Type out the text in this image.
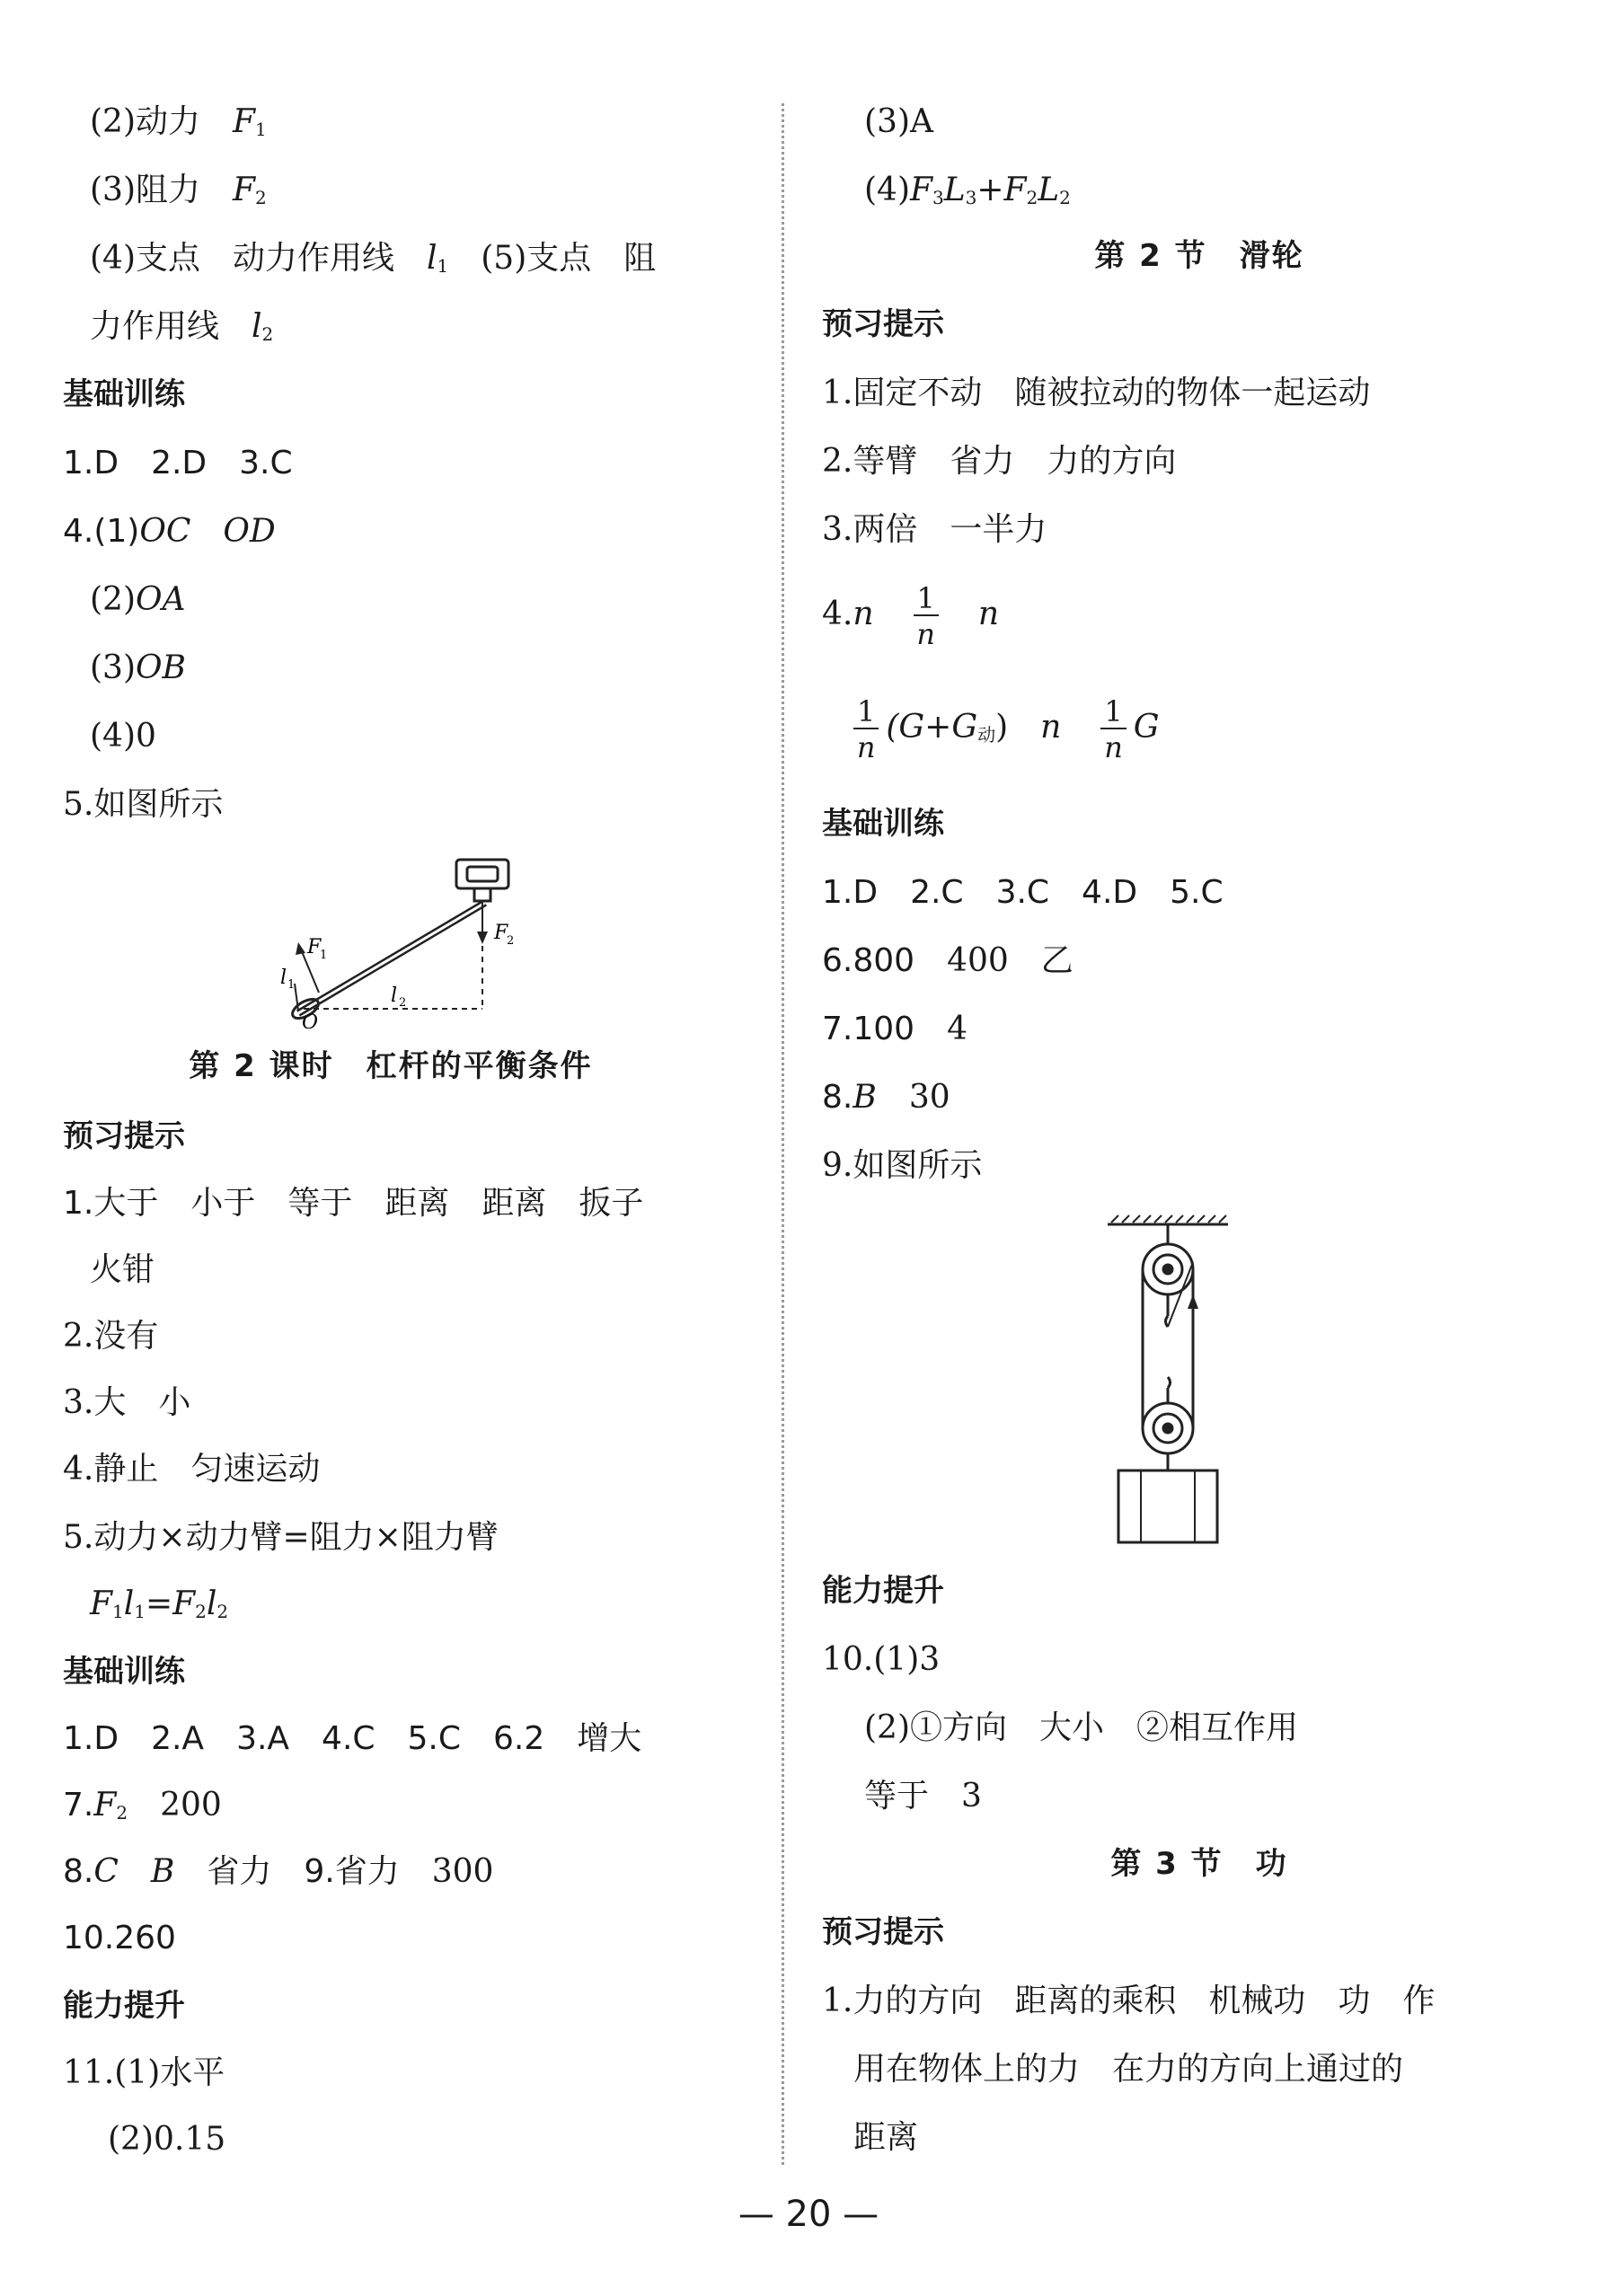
(2)动力 $F_1$
(3)阻力 $F_2$
(4)支点 动力作用线 $l_1$ (5)支点 阻
力作用线 $l_2$
基础训练
1.D 2.D 3.C
4.(1)OC OD
(2)OA
(3)OB
(4)0
5.如图所示
F
1
F
2
l 1	l 2
O
第 2 课时　杠杆的平衡条件
预习提示
1.大于 小于 等于 距离 距离 扳子
火钳
2.没有
3.大 小
4.静止 匀速运动
5.动力×动力臂=阻力×阻力臂
$F_1l_1=F_2l_2$
基础训练
1.D 2.A 3.A 4.C 5.C 6.2 增大
$7.F_2$ 200
8.C B 省力 9.省力 300
10.260
能力提升
11.(1)水平
(2)0.15
(3)A
$(4)F_3L_3+F_2L_2$
第 2 节　滑轮
预习提示
1.固定不动 随被拉动的物体一起运动
2.等臂 省力 力的方向
3.两倍 一半力
$4.n \frac{1}{n}$ n
$\frac{1}{n} (G+G_动)$ n $\frac{1}{n}$ G
基础训练
1.D 2.C 3.C 4.D 5.C
6.800 400 乙
7.100 4
8.B 30
9.如图所示
能力提升
10.(1)3
(2)①方向 大小 ②相互作用
等于 3
第 3 节　功
预习提示
1.力的方向 距离的乘积 机械功 功 作
用在物体上的力 在力的方向上通过的
距离
— 20 —
